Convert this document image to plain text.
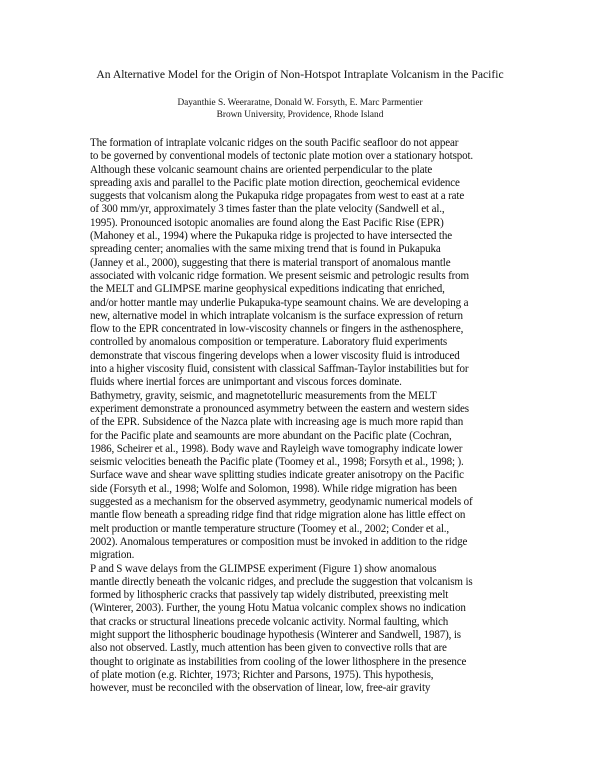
An Alternative Model for the Origin of Non-Hotspot Intraplate Volcanism in the Pacific
Dayanthie S. Weeraratne, Donald W. Forsyth, E. Marc Parmentier
Brown University, Providence, Rhode Island
The formation of intraplate volcanic ridges on the south Pacific seafloor do not appear
to be governed by conventional models of tectonic plate motion over a stationary hotspot.
Although these volcanic seamount chains are oriented perpendicular to the plate
spreading axis and parallel to the Pacific plate motion direction, geochemical evidence
suggests that volcanism along the Pukapuka ridge propagates from west to east at a rate
of 300 mm/yr, approximately 3 times faster than the plate velocity (Sandwell et al.,
1995). Pronounced isotopic anomalies are found along the East Pacific Rise (EPR)
(Mahoney et al., 1994) where the Pukapuka ridge is projected to have intersected the
spreading center; anomalies with the same mixing trend that is found in Pukapuka
(Janney et al., 2000), suggesting that there is material transport of anomalous mantle
associated with volcanic ridge formation. We present seismic and petrologic results from
the MELT and GLIMPSE marine geophysical expeditions indicating that enriched,
and/or hotter mantle may underlie Pukapuka-type seamount chains. We are developing a
new, alternative model in which intraplate volcanism is the surface expression of return
flow to the EPR concentrated in low-viscosity channels or fingers in the asthenosphere,
controlled by anomalous composition or temperature. Laboratory fluid experiments
demonstrate that viscous fingering develops when a lower viscosity fluid is introduced
into a higher viscosity fluid, consistent with classical Saffman-Taylor instabilities but for
fluids where inertial forces are unimportant and viscous forces dominate.
Bathymetry, gravity, seismic, and magnetotelluric measurements from the MELT
experiment demonstrate a pronounced asymmetry between the eastern and western sides
of the EPR. Subsidence of the Nazca plate with increasing age is much more rapid than
for the Pacific plate and seamounts are more abundant on the Pacific plate (Cochran,
1986, Scheirer et al., 1998). Body wave and Rayleigh wave tomography indicate lower
seismic velocities beneath the Pacific plate (Toomey et al., 1998; Forsyth et al., 1998; ).
Surface wave and shear wave splitting studies indicate greater anisotropy on the Pacific
side (Forsyth et al., 1998; Wolfe and Solomon, 1998). While ridge migration has been
suggested as a mechanism for the observed asymmetry, geodynamic numerical models of
mantle flow beneath a spreading ridge find that ridge migration alone has little effect on
melt production or mantle temperature structure (Toomey et al., 2002; Conder et al.,
2002). Anomalous temperatures or composition must be invoked in addition to the ridge
migration.
P and S wave delays from the GLIMPSE experiment (Figure 1) show anomalous
mantle directly beneath the volcanic ridges, and preclude the suggestion that volcanism is
formed by lithospheric cracks that passively tap widely distributed, preexisting melt
(Winterer, 2003). Further, the young Hotu Matua volcanic complex shows no indication
that cracks or structural lineations precede volcanic activity. Normal faulting, which
might support the lithospheric boudinage hypothesis (Winterer and Sandwell, 1987), is
also not observed. Lastly, much attention has been given to convective rolls that are
thought to originate as instabilities from cooling of the lower lithosphere in the presence
of plate motion (e.g. Richter, 1973; Richter and Parsons, 1975). This hypothesis,
however, must be reconciled with the observation of linear, low, free-air gravity
